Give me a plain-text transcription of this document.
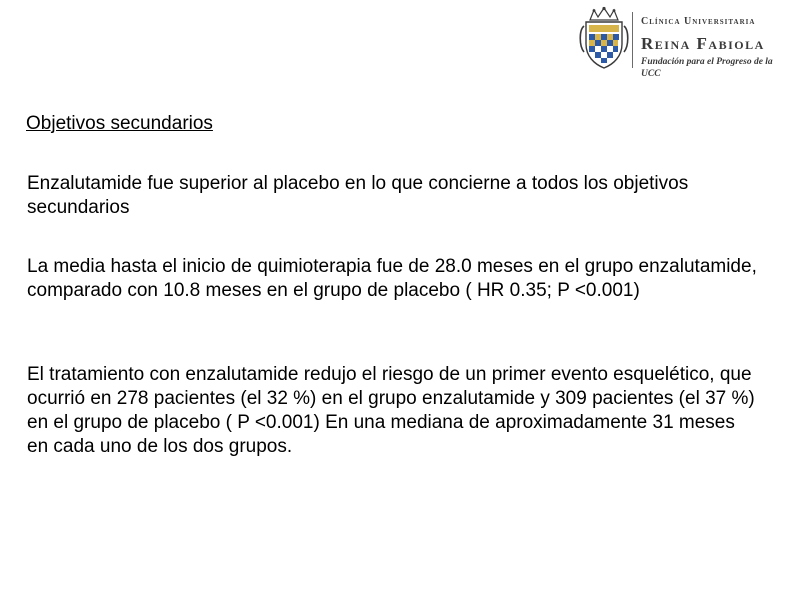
Clínica Universitaria
Reina Fabiola
Fundación para el Progreso de la UCC
Objetivos secundarios

Enzalutamide fue superior al placebo en lo que concierne a todos los objetivos secundarios

La media hasta el inicio de quimioterapia fue de 28.0 meses en el grupo enzalutamide, comparado con 10.8 meses en el grupo de placebo ( HR 0.35; P <0.001)

El tratamiento con enzalutamide redujo el riesgo de un primer evento esquelético, que ocurrió en 278 pacientes (el 32 %) en el grupo enzalutamide y 309 pacientes (el 37 %) en el grupo de placebo ( P <0.001) En una mediana de aproximadamente 31 meses en cada uno de los dos grupos.
